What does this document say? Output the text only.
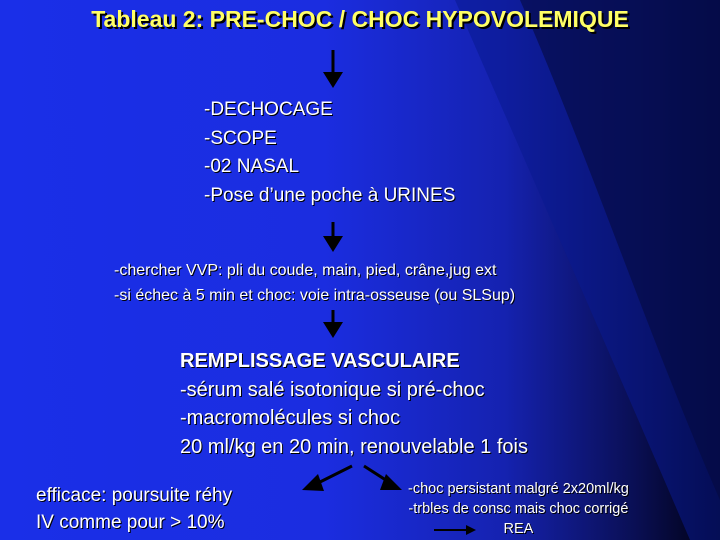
Tableau 2: PRE-CHOC / CHOC HYPOVOLEMIQUE
-DECHOCAGE
-SCOPE
-02 NASAL
-Pose d’une poche à URINES
-chercher VVP: pli du coude, main, pied, crâne,jug ext
-si échec à 5 min et choc: voie intra-osseuse (ou SLSup)
REMPLISSAGE VASCULAIRE
-sérum salé isotonique si pré-choc
-macromolécules si choc
20 ml/kg en 20 min, renouvelable 1 fois
efficace: poursuite réhy
IV comme pour > 10%
-choc persistant malgré 2x20ml/kg
-trbles de consc mais choc corrigé
REA
